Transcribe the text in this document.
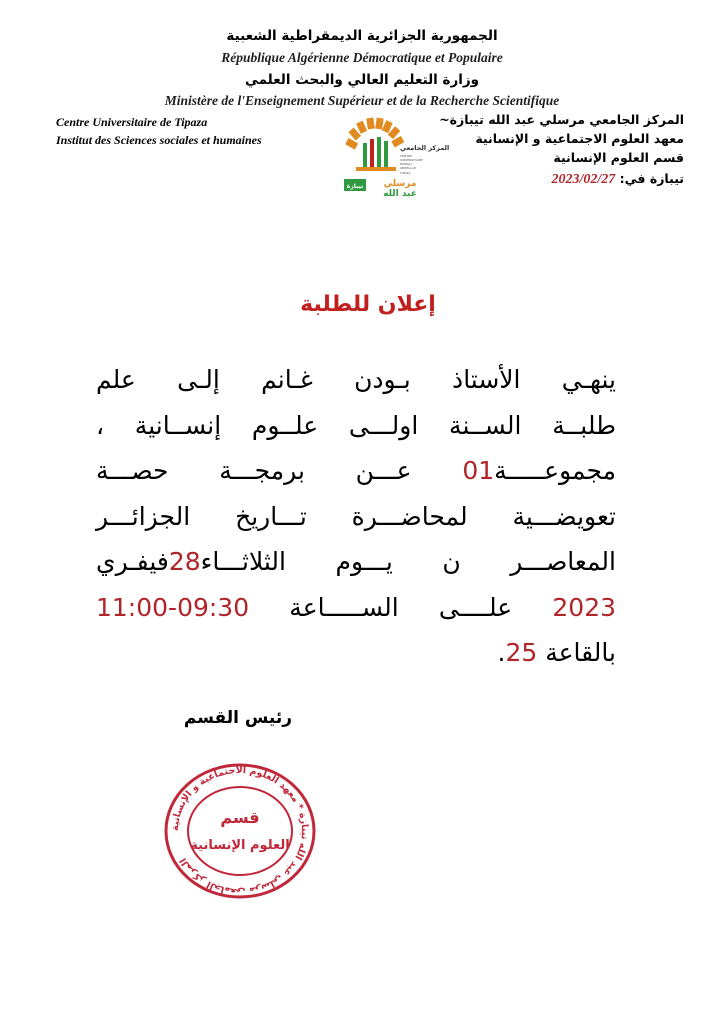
الجمهورية الجزائرية الديمقراطية الشعبية
République Algérienne Démocratique et Populaire
وزارة التعليم العالي والبحث العلمي
Ministère de l'Enseignement Supérieur et de la Recherche Scientifique
Centre Universitaire de Tipaza
Institut des Sciences sociales et humaines
المركز الجامعي
CENTRE
UNIVERSITAIRE
MORSLI
ABDELLAH
TIPAZA
تيبازة مرسلي
عبد الله
المركز الجامعي مرسلي عبد الله تيبازة~
معهد العلوم الاجتماعية و الإنسانية
قسم العلوم الإنسانية
تيبازة في: 2023/02/27
إعلان للطلبة
ينهـي الأستاذ بـودن غـانم إلـى علم
طلبــة الســنة اولـــى علــوم إنســانية ،
مجموعـــــة01 عـــن برمجـــة حصـــة
تعويضـــية لمحاضـــرة تـــاريخ الجزائـــر
المعاصـــر ن يـــوم الثلاثـــاء28فيفـري
2023 علــــى الســـــاعة 11:00-09:30
بالقاعة 25.
رئيس القسم
المركز الجامعي مرسلي عبد الله تيبازة * معهد العلوم الاجتماعية و الإنسانية
قسم
العلوم الإنسانية
